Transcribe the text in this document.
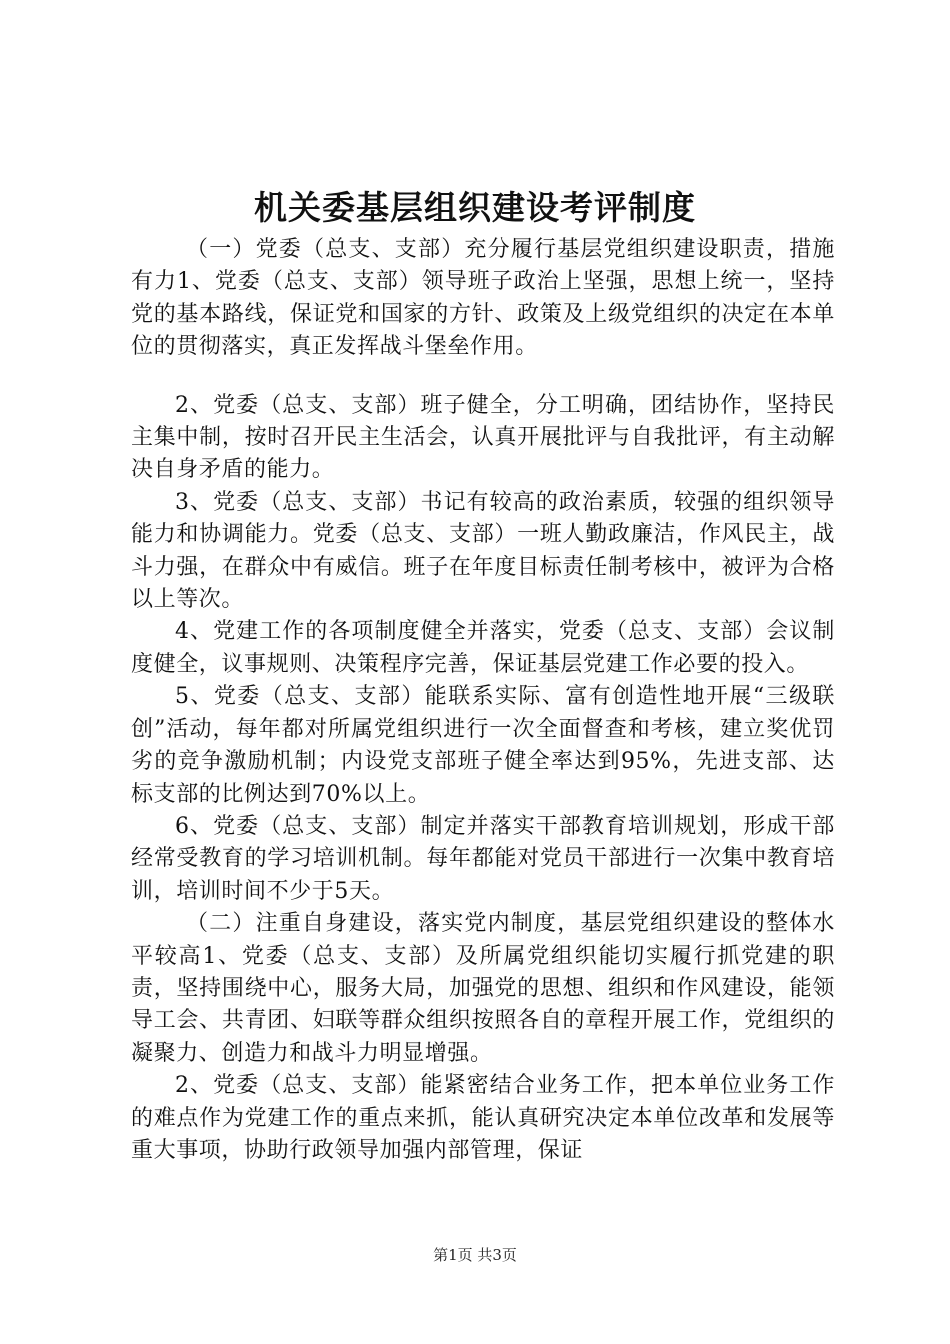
机关委基层组织建设考评制度

（一）党委（总支、支部）充分履行基层党组织建设职责，措施有力1、党委（总支、支部）领导班子政治上坚强，思想上统一，坚持党的基本路线，保证党和国家的方针、政策及上级党组织的决定在本单位的贯彻落实，真正发挥战斗堡垒作用。

2、党委（总支、支部）班子健全，分工明确，团结协作，坚持民主集中制，按时召开民主生活会，认真开展批评与自我批评，有主动解决自身矛盾的能力。

3、党委（总支、支部）书记有较高的政治素质，较强的组织领导能力和协调能力。党委（总支、支部）一班人勤政廉洁，作风民主，战斗力强，在群众中有威信。班子在年度目标责任制考核中，被评为合格以上等次。

4、党建工作的各项制度健全并落实，党委（总支、支部）会议制度健全，议事规则、决策程序完善，保证基层党建工作必要的投入。

5、党委（总支、支部）能联系实际、富有创造性地开展“三级联创”活动，每年都对所属党组织进行一次全面督查和考核，建立奖优罚劣的竞争激励机制；内设党支部班子健全率达到95%，先进支部、达标支部的比例达到70%以上。

6、党委（总支、支部）制定并落实干部教育培训规划，形成干部经常受教育的学习培训机制。每年都能对党员干部进行一次集中教育培训，培训时间不少于5天。

（二）注重自身建设，落实党内制度，基层党组织建设的整体水平较高1、党委（总支、支部）及所属党组织能切实履行抓党建的职责，坚持围绕中心，服务大局，加强党的思想、组织和作风建设，能领导工会、共青团、妇联等群众组织按照各自的章程开展工作，党组织的凝聚力、创造力和战斗力明显增强。

2、党委（总支、支部）能紧密结合业务工作，把本单位业务工作的难点作为党建工作的重点来抓，能认真研究决定本单位改革和发展等重大事项，协助行政领导加强内部管理，保证

第1页 共3页
